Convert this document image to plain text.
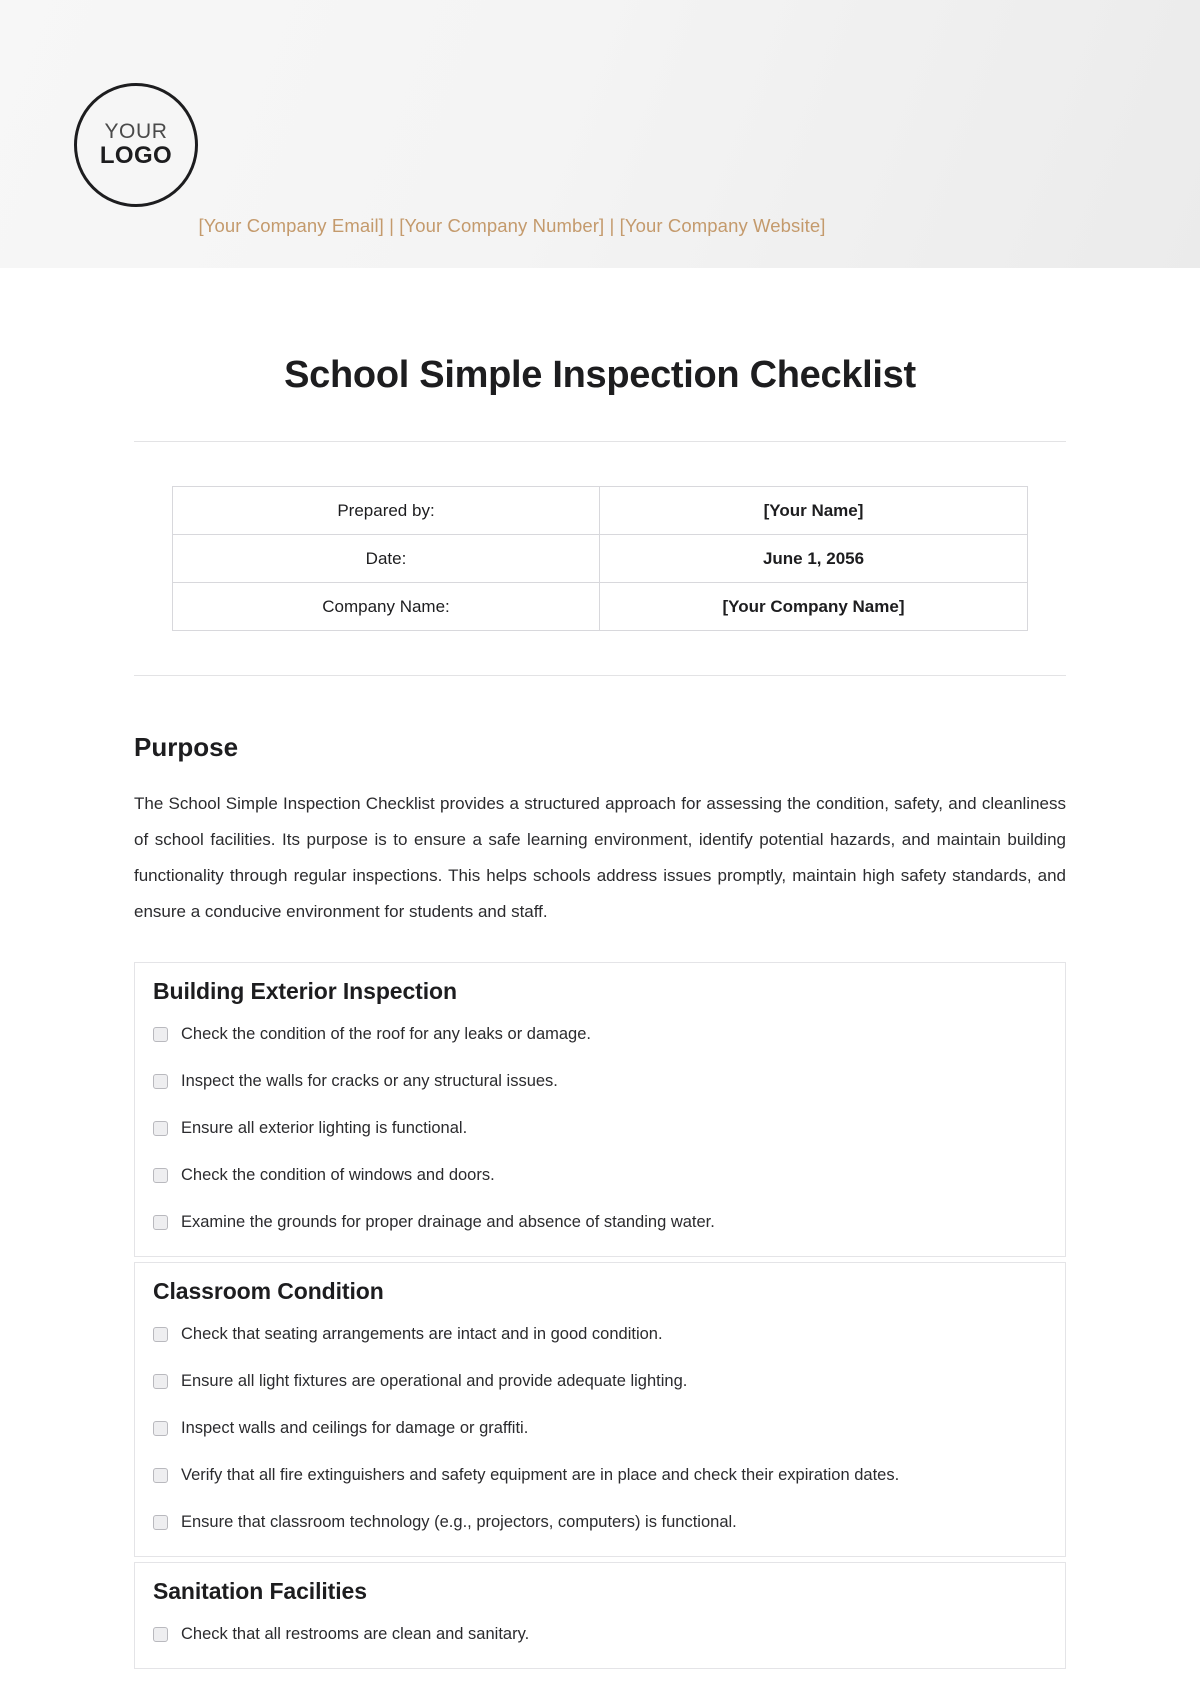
YOUR
LOGO
[Your Company Email] | [Your Company Number] | [Your Company Website]
School Simple Inspection Checklist
Prepared by:	[Your Name]
Date:	June 1, 2056
Company Name:	[Your Company Name]
Purpose

The School Simple Inspection Checklist provides a structured approach for assessing the condition, safety, and cleanliness of school facilities. Its purpose is to ensure a safe learning environment, identify potential hazards, and maintain building functionality through regular inspections. This helps schools address issues promptly, maintain high safety standards, and ensure a conducive environment for students and staff.

Building Exterior Inspection
Check the condition of the roof for any leaks or damage.
Inspect the walls for cracks or any structural issues.
Ensure all exterior lighting is functional.
Check the condition of windows and doors.
Examine the grounds for proper drainage and absence of standing water.
Classroom Condition
Check that seating arrangements are intact and in good condition.
Ensure all light fixtures are operational and provide adequate lighting.
Inspect walls and ceilings for damage or graffiti.
Verify that all fire extinguishers and safety equipment are in place and check their expiration dates.
Ensure that classroom technology (e.g., projectors, computers) is functional.
Sanitation Facilities
Check that all restrooms are clean and sanitary.
